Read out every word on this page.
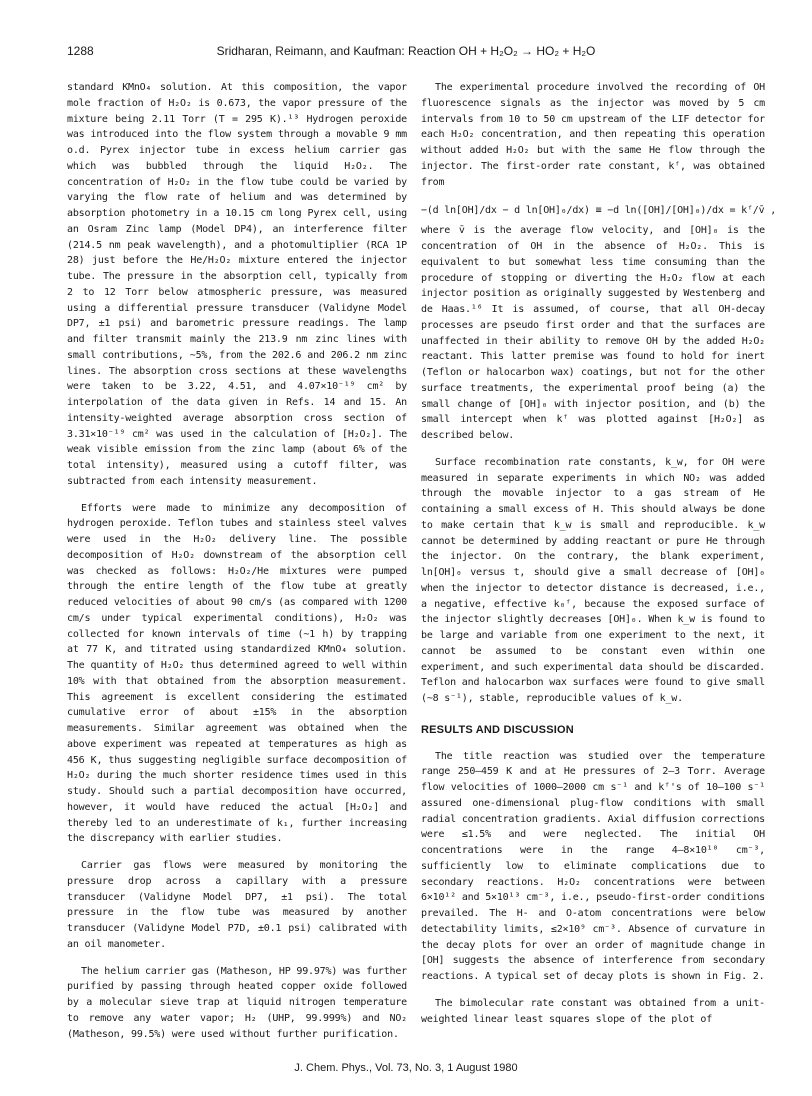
1288	Sridharan, Reimann, and Kaufman: Reaction OH + H₂O₂ → HO₂ + H₂O

standard KMnO₄ solution. At this composition, the vapor mole fraction of H₂O₂ is 0.673, the vapor pressure of the mixture being 2.11 Torr (T = 295 K).¹³ Hydrogen peroxide was introduced into the flow system through a movable 9 mm o.d. Pyrex injector tube in excess helium carrier gas which was bubbled through the liquid H₂O₂. The concentration of H₂O₂ in the flow tube could be varied by varying the flow rate of helium and was determined by absorption photometry in a 10.15 cm long Pyrex cell, using an Osram Zinc lamp (Model DP4), an interference filter (214.5 nm peak wavelength), and a photomultiplier (RCA 1P 28) just before the He/H₂O₂ mixture entered the injector tube. The pressure in the absorption cell, typically from 2 to 12 Torr below atmospheric pressure, was measured using a differential pressure transducer (Validyne Model DP7, ±1 psi) and barometric pressure readings. The lamp and filter transmit mainly the 213.9 nm zinc lines with small contributions, ~5%, from the 202.6 and 206.2 nm zinc lines. The absorption cross sections at these wavelengths were taken to be 3.22, 4.51, and 4.07×10⁻¹⁹ cm² by interpolation of the data given in Refs. 14 and 15. An intensity-weighted average absorption cross section of 3.31×10⁻¹⁹ cm² was used in the calculation of [H₂O₂]. The weak visible emission from the zinc lamp (about 6% of the total intensity), measured using a cutoff filter, was subtracted from each intensity measurement.

Efforts were made to minimize any decomposition of hydrogen peroxide. Teflon tubes and stainless steel valves were used in the H₂O₂ delivery line. The possible decomposition of H₂O₂ downstream of the absorption cell was checked as follows: H₂O₂/He mixtures were pumped through the entire length of the flow tube at greatly reduced velocities of about 90 cm/s (as compared with 1200 cm/s under typical experimental conditions), H₂O₂ was collected for known intervals of time (~1 h) by trapping at 77 K, and titrated using standardized KMnO₄ solution. The quantity of H₂O₂ thus determined agreed to well within 10% with that obtained from the absorption measurement. This agreement is excellent considering the estimated cumulative error of about ±15% in the absorption measurements. Similar agreement was obtained when the above experiment was repeated at temperatures as high as 456 K, thus suggesting negligible surface decomposition of H₂O₂ during the much shorter residence times used in this study. Should such a partial decomposition have occurred, however, it would have reduced the actual [H₂O₂] and thereby led to an underestimate of k₁, further increasing the discrepancy with earlier studies.

Carrier gas flows were measured by monitoring the pressure drop across a capillary with a pressure transducer (Validyne Model DP7, ±1 psi). The total pressure in the flow tube was measured by another transducer (Validyne Model P7D, ±0.1 psi) calibrated with an oil manometer.

The helium carrier gas (Matheson, HP 99.97%) was further purified by passing through heated copper oxide followed by a molecular sieve trap at liquid nitrogen temperature to remove any water vapor; H₂ (UHP, 99.999%) and NO₂ (Matheson, 99.5%) were used without further purification.

The experimental procedure involved the recording of OH fluorescence signals as the injector was moved by 5 cm intervals from 10 to 50 cm upstream of the LIF detector for each H₂O₂ concentration, and then repeating this operation without added H₂O₂ but with the same He flow through the injector. The first-order rate constant, kᶠ, was obtained from

−(d ln[OH]/dx − d ln[OH]₀/dx) ≡ −d ln([OH]/[OH]₀)/dx = kᶠ/v̄ ,

where v̄ is the average flow velocity, and [OH]₀ is the concentration of OH in the absence of H₂O₂. This is equivalent to but somewhat less time consuming than the procedure of stopping or diverting the H₂O₂ flow at each injector position as originally suggested by Westenberg and de Haas.¹⁶ It is assumed, of course, that all OH-decay processes are pseudo first order and that the surfaces are unaffected in their ability to remove OH by the added H₂O₂ reactant. This latter premise was found to hold for inert (Teflon or halocarbon wax) coatings, but not for the other surface treatments, the experimental proof being (a) the small change of [OH]₀ with injector position, and (b) the small intercept when kᶠ was plotted against [H₂O₂] as described below.

Surface recombination rate constants, k_w, for OH were measured in separate experiments in which NO₂ was added through the movable injector to a gas stream of He containing a small excess of H. This should always be done to make certain that k_w is small and reproducible. k_w cannot be determined by adding reactant or pure He through the injector. On the contrary, the blank experiment, ln[OH]₀ versus t, should give a small decrease of [OH]₀ when the injector to detector distance is decreased, i.e., a negative, effective k₀ᶠ, because the exposed surface of the injector slightly decreases [OH]₀. When k_w is found to be large and variable from one experiment to the next, it cannot be assumed to be constant even within one experiment, and such experimental data should be discarded. Teflon and halocarbon wax surfaces were found to give small (~8 s⁻¹), stable, reproducible values of k_w.

RESULTS AND DISCUSSION

The title reaction was studied over the temperature range 250–459 K and at He pressures of 2–3 Torr. Average flow velocities of 1000–2000 cm s⁻¹ and kᶠ's of 10–100 s⁻¹ assured one-dimensional plug-flow conditions with small radial concentration gradients. Axial diffusion corrections were ≤1.5% and were neglected. The initial OH concentrations were in the range 4–8×10¹⁰ cm⁻³, sufficiently low to eliminate complications due to secondary reactions. H₂O₂ concentrations were between 6×10¹² and 5×10¹³ cm⁻³, i.e., pseudo-first-order conditions prevailed. The H- and O-atom concentrations were below detectability limits, ≤2×10⁹ cm⁻³. Absence of curvature in the decay plots for over an order of magnitude change in [OH] suggests the absence of interference from secondary reactions. A typical set of decay plots is shown in Fig. 2.

The bimolecular rate constant was obtained from a unit-weighted linear least squares slope of the plot of

J. Chem. Phys., Vol. 73, No. 3, 1 August 1980
